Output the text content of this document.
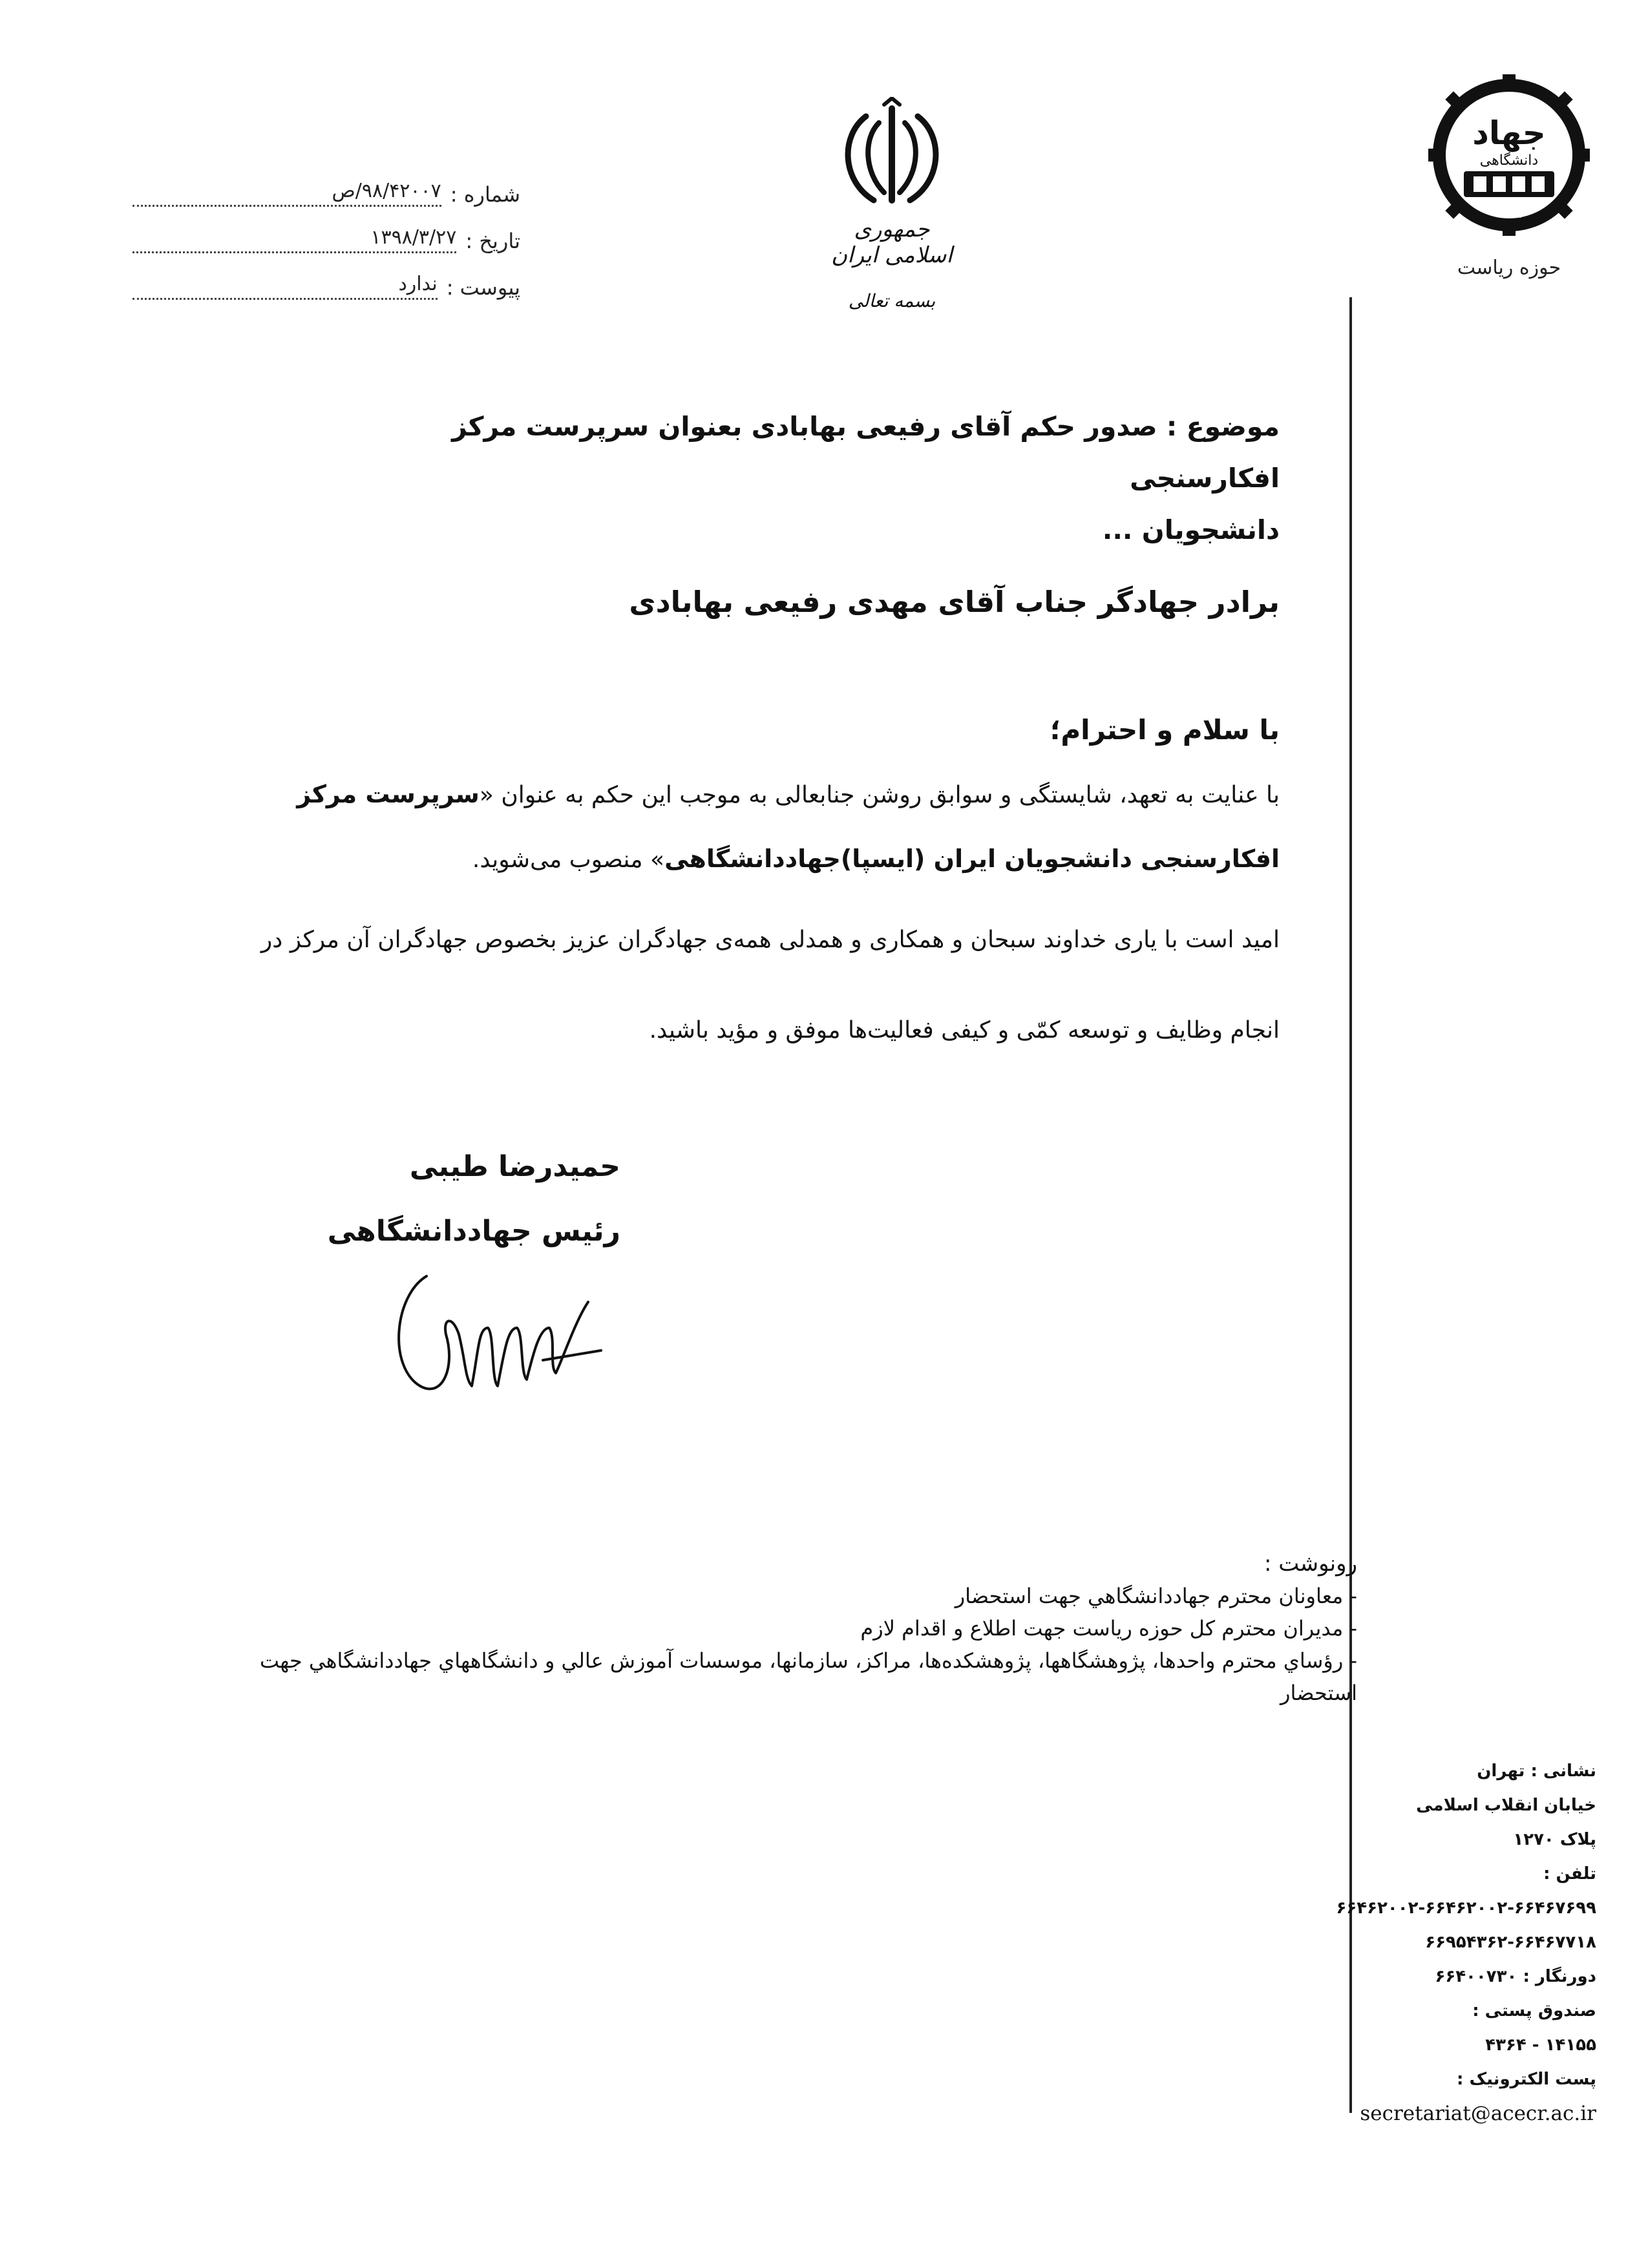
شماره :
۹۸/۴۲۰۰۷/ص
تاریخ :
۱۳۹۸/۳/۲۷
پیوست :
ندارد
جمهوری اسلامی ایران
بسمه تعالی
جهاد
دانشگاهی
۱۳۵۹
حوزه ریاست
موضوع : صدور حکم آقای رفیعی بهابادی بعنوان سرپرست مرکز افکارسنجی
دانشجویان ...
برادر جهادگر جناب آقای مهدی رفیعی بهابادی
با سلام و احترام؛
با عنایت به تعهد، شایستگی و سوابق روشن جنابعالی به موجب این حکم به عنوان «سرپرست مرکز افکارسنجی دانشجویان ایران (ایسپا)جهاددانشگاهی» منصوب می‌شوید.
امید است با یاری خداوند سبحان و همکاری و همدلی همه‌ی جهادگران عزیز بخصوص جهادگران آن مرکز در انجام وظایف و توسعه کمّی و کیفی فعالیت‌ها موفق و مؤید باشید.
حمیدرضا طیبی
رئیس جهاددانشگاهی
رونوشت :
- معاونان محترم جهاددانشگاهي جهت استحضار
- مديران محترم كل حوزه رياست جهت اطلاع و اقدام لازم
- رؤساي محترم واحدها، پژوهشگاهها، پژوهشكده‌ها، مراكز، سازمانها، موسسات آموزش عالي و دانشگاههاي جهاددانشگاهي جهت استحضار
نشانی : تهران
خیابان انقلاب اسلامی
پلاک ۱۲۷۰
تلفن : ۶۶۴۶۷۶۹۹-۶۶۴۶۲۰۰۲-۶۶۴۶۲۰۰۲
۶۶۹۵۴۳۶۲-۶۶۴۶۷۷۱۸
دورنگار : ۶۶۴۰۰۷۳۰
صندوق پستی :
۱۴۱۵۵ - ۴۳۶۴
پست الکترونیک :
secretariat@acecr.ac.ir
